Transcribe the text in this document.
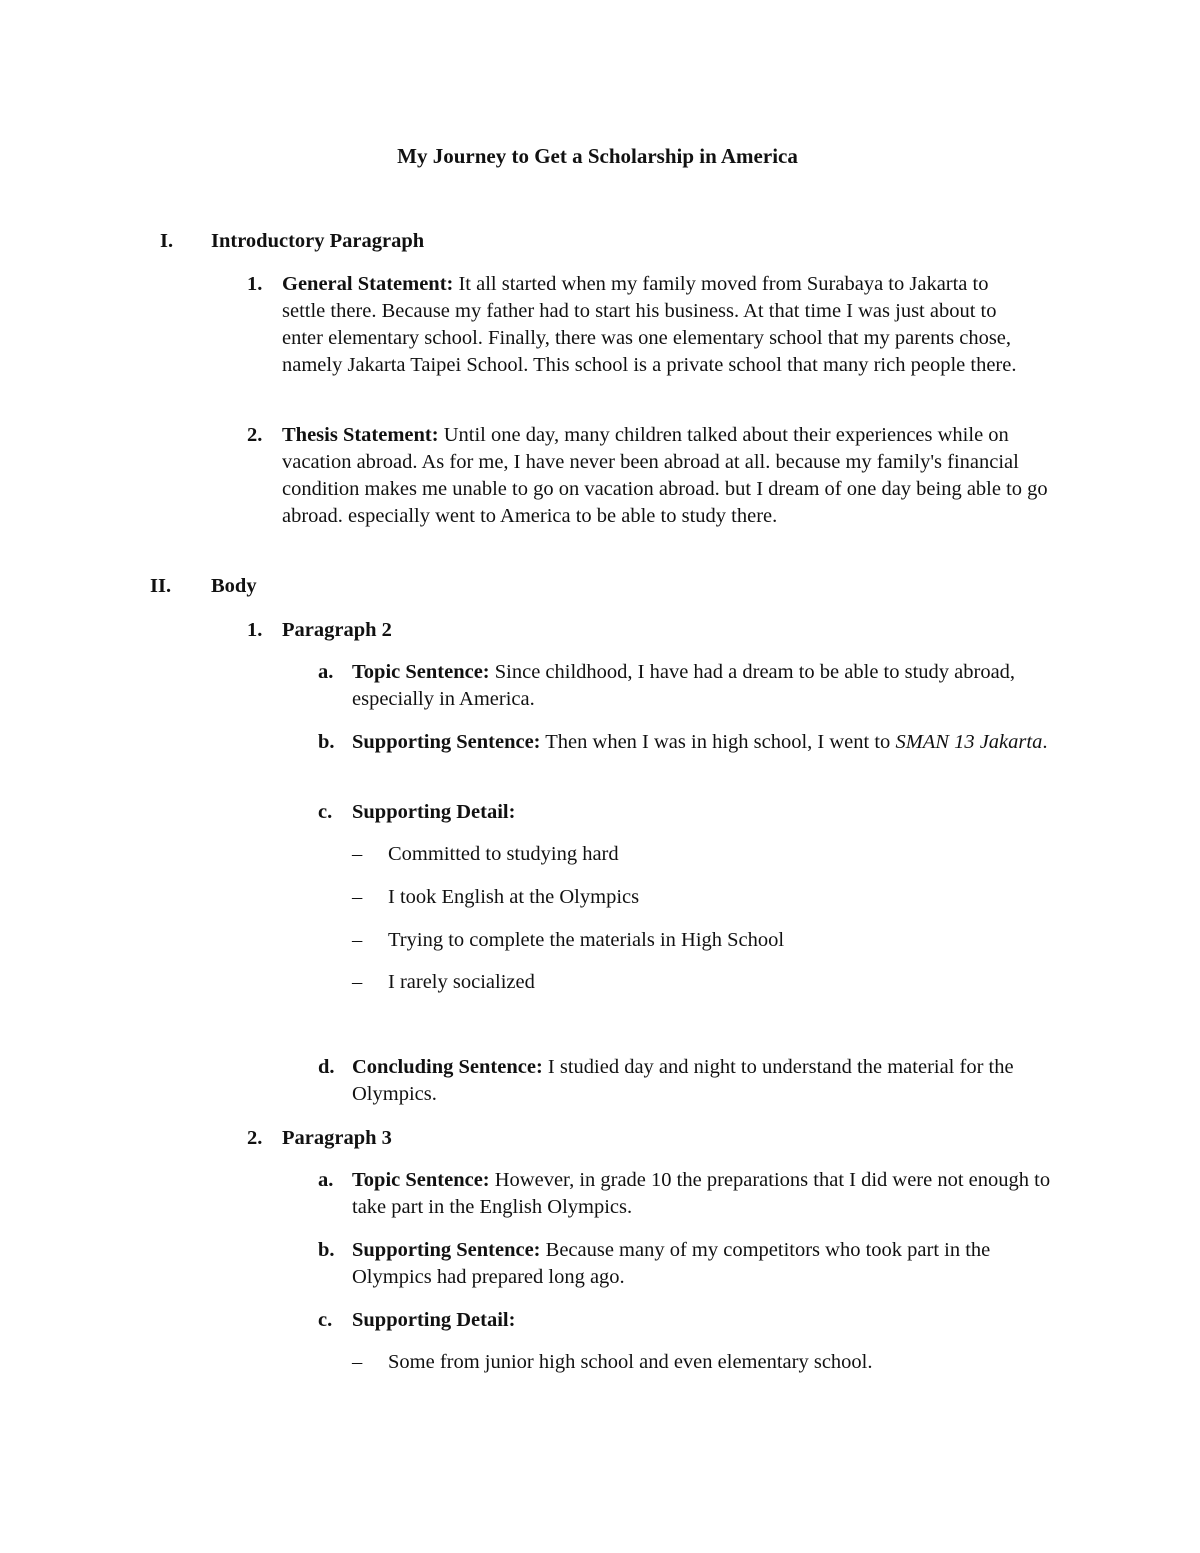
My Journey to Get a Scholarship in America
I. Introductory Paragraph
1. General Statement: It all started when my family moved from Surabaya to Jakarta to settle there. Because my father had to start his business. At that time I was just about to enter elementary school. Finally, there was one elementary school that my parents chose, namely Jakarta Taipei School. This school is a private school that many rich people there.
2. Thesis Statement: Until one day, many children talked about their experiences while on vacation abroad. As for me, I have never been abroad at all. because my family's financial condition makes me unable to go on vacation abroad. but I dream of one day being able to go abroad. especially went to America to be able to study there.
II. Body
1. Paragraph 2
a. Topic Sentence: Since childhood, I have had a dream to be able to study abroad, especially in America.
b. Supporting Sentence: Then when I was in high school, I went to SMAN 13 Jakarta.
c. Supporting Detail:
– Committed to studying hard
– I took English at the Olympics
– Trying to complete the materials in High School
– I rarely socialized
d. Concluding Sentence: I studied day and night to understand the material for the Olympics.
2. Paragraph 3
a. Topic Sentence: However, in grade 10 the preparations that I did were not enough to take part in the English Olympics.
b. Supporting Sentence: Because many of my competitors who took part in the Olympics had prepared long ago.
c. Supporting Detail:
– Some from junior high school and even elementary school.
